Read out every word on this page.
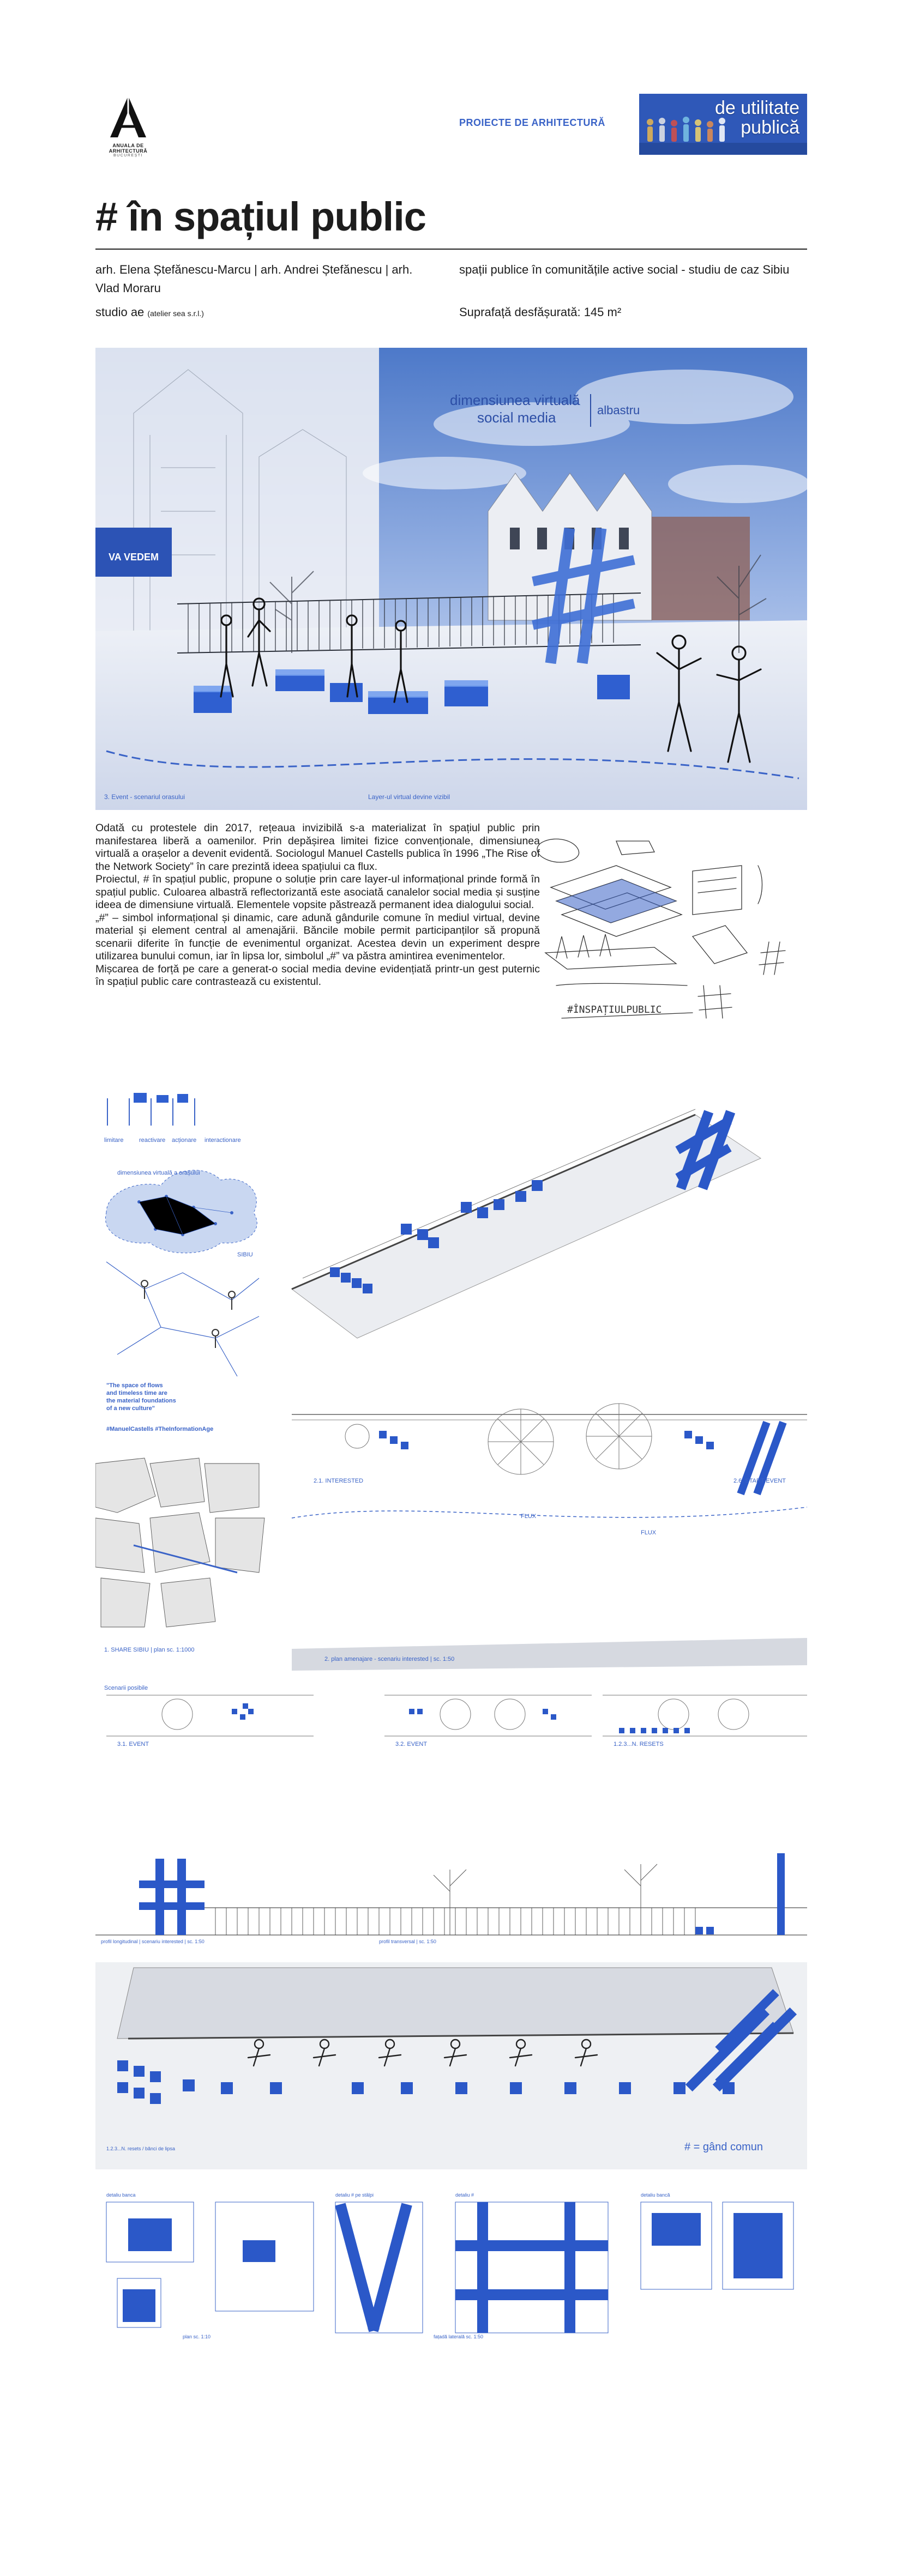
ANUALA DE ARHITECTURĂ
BUCUREȘTI
PROIECTE DE ARHITECTURĂ
de utilitate
publică
# în spațiul public
arh. Elena Ștefănescu-Marcu | arh. Andrei Ștefănescu | arh. Vlad Moraru
studio ae (atelier sea s.r.l.)
spații publice în comunitățile active social - studiu de caz Sibiu
Suprafață desfășurată: 145 m²
VA VEDEM
dimensiunea virtuală
social media	albastru
3. Event - scenariul orasului	Layer-ul virtual devine vizibil

Odată cu protestele din 2017, rețeaua invizibilă s-a materializat în spațiul public prin manifestarea liberă a oamenilor. Prin depășirea limitei fizice convenționale, dimensiunea virtuală a orașelor a devenit evidentă. Sociologul Manuel Castells publica în 1996 „The Rise of the Network Society” în care prezintă ideea spațiului ca flux.

Proiectul, # în spațiul public, propune o soluție prin care layer-ul informațional prinde formă în spațiul public. Culoarea albastră reflectorizantă este asociată canalelor social media și susține ideea de dimensiune virtuală. Elementele vopsite păstrează permanent idea dialogului social.

„#” – simbol informațional și dinamic, care adună gândurile comune în mediul virtual, devine material și element central al amenajării. Băncile mobile permit participanților să propună scenarii diferite în funcție de evenimentul organizat. Acestea devin un experiment despre utilizarea bunului comun, iar în lipsa lor, simbolul „#” va păstra amintirea evenimentelor.

Mișcarea de forță pe care a generat-o social media devine evidențiată printr-un gest puternic în spațiul public care contrastează cu existentul.

#ÎNSPAȚIULPUBLIC
limitare	reactivare acționare interactionare
dimensiunea virtuală a orașului
SIBIU
"The space of flows and timeless time are the material foundations of a new culture"
#ManuelCastells #TheInformationAge
1. SHARE SIBIU | plan sc. 1:1000
2.1. INTERESTED	2.6. START EVENT
FLUX
FLUX
2. plan amenajare - scenariu interested | sc. 1:50
Scenarii posibile
3.1. EVENT	3.2. EVENT	1.2.3...N. RESETS
profil longitudinal | scenariu interested | sc. 1:50	profil transversal | sc. 1:50
1.2.3...N. resets / bănci de lipsa	# = gând comun
detaliu banca	detaliu # pe stâlpi	detaliu #	detaliu bancă
plan sc. 1:10	fațadă laterală sc. 1:50
